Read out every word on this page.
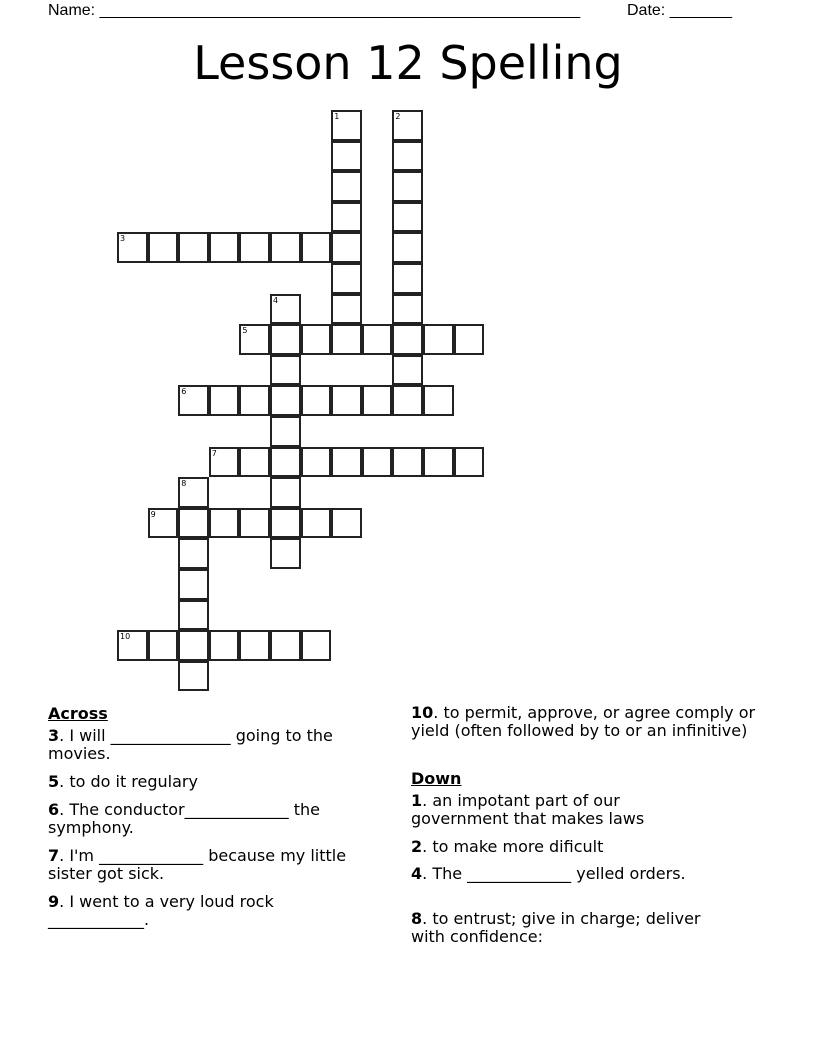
Name: ______________________________________________________	Date: _______
Lesson 12 Spelling
1	2
3
4
5
6
7
8
9
10
Across
3. I will _______________ going to the movies.
5. to do it regulary
6. The conductor_____________ the symphony.
7. I'm _____________ because my little sister got sick.
9. I went to a very loud rock ____________.
10. to permit, approve, or agree comply or yield (often followed by to or an infinitive)
Down
1. an impotant part of our government that makes laws
2. to make more dificult
4. The _____________ yelled orders.
8. to entrust; give in charge; deliver with confidence:
